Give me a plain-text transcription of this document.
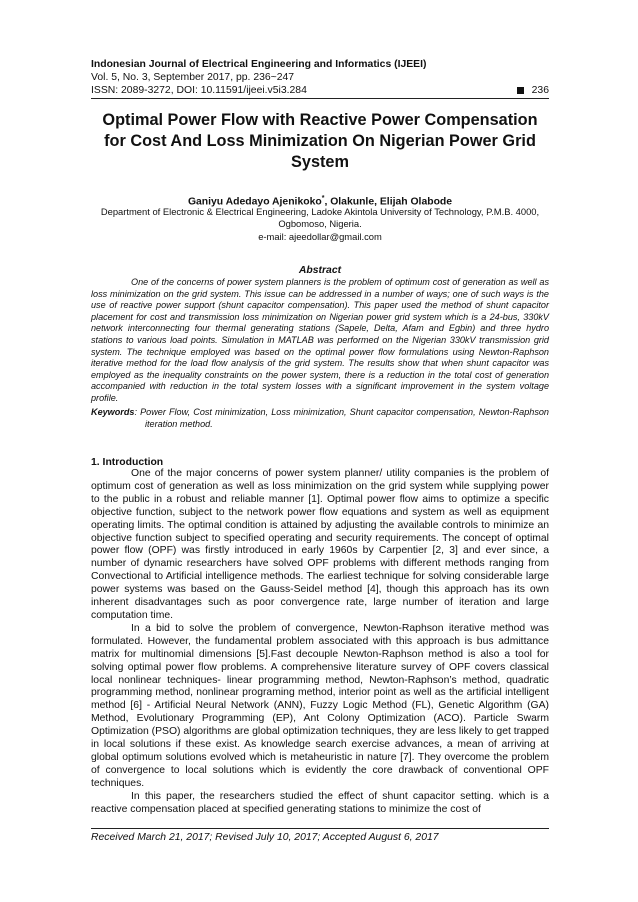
Indonesian Journal of Electrical Engineering and Informatics (IJEEI)
Vol. 5, No. 3, September 2017, pp. 236~247
ISSN: 2089-3272, DOI: 10.11591/ijeei.v5i3.284	236
Optimal Power Flow with Reactive Power Compensation for Cost And Loss Minimization On Nigerian Power Grid System
Ganiyu Adedayo Ajenikoko*, Olakunle, Elijah Olabode
Department of Electronic & Electrical Engineering, Ladoke Akintola University of Technology, P.M.B. 4000, Ogbomoso, Nigeria.
e-mail: ajeedollar@gmail.com
Abstract
One of the concerns of power system planners is the problem of optimum cost of generation as well as loss minimization on the grid system. This issue can be addressed in a number of ways; one of such ways is the use of reactive power support (shunt capacitor compensation). This paper used the method of shunt capacitor placement for cost and transmission loss minimization on Nigerian power grid system which is a 24-bus, 330kV network interconnecting four thermal generating stations (Sapele, Delta, Afam and Egbin) and three hydro stations to various load points. Simulation in MATLAB was performed on the Nigerian 330kV transmission grid system. The technique employed was based on the optimal power flow formulations using Newton-Raphson iterative method for the load flow analysis of the grid system. The results show that when shunt capacitor was employed as the inequality constraints on the power system, there is a reduction in the total cost of generation accompanied with reduction in the total system losses with a significant improvement in the system voltage profile.
Keywords: Power Flow, Cost minimization, Loss minimization, Shunt capacitor compensation, Newton-Raphson iteration method.
1. Introduction

One of the major concerns of power system planner/ utility companies is the problem of optimum cost of generation as well as loss minimization on the grid system while supplying power to the public in a robust and reliable manner [1]. Optimal power flow aims to optimize a specific objective function, subject to the network power flow equations and system as well as equipment operating limits. The optimal condition is attained by adjusting the available controls to minimize an objective function subject to specified operating and security requirements. The concept of optimal power flow (OPF) was firstly introduced in early 1960s by Carpentier [2, 3] and ever since, a number of dynamic researchers have solved OPF problems with different methods ranging from Convectional to Artificial intelligence methods. The earliest technique for solving considerable large power systems was based on the Gauss-Seidel method [4], though this approach has its own inherent disadvantages such as poor convergence rate, large number of iteration and large computation time.

In a bid to solve the problem of convergence, Newton-Raphson iterative method was formulated. However, the fundamental problem associated with this approach is bus admittance matrix for multinomial dimensions [5].Fast decouple Newton-Raphson method is also a tool for solving optimal power flow problems. A comprehensive literature survey of OPF covers classical local nonlinear techniques- linear programming method, Newton-Raphson’s method, quadratic programming method, nonlinear programing method, interior point as well as the artificial intelligent method [6] - Artificial Neural Network (ANN), Fuzzy Logic Method (FL), Genetic Algorithm (GA) Method, Evolutionary Programming (EP), Ant Colony Optimization (ACO). Particle Swarm Optimization (PSO) algorithms are global optimization techniques, they are less likely to get trapped in local solutions if these exist. As knowledge search exercise advances, a mean of arriving at global optimum solutions evolved which is metaheuristic in nature [7]. They overcome the problem of convergence to local solutions which is evidently the core drawback of conventional OPF techniques.

In this paper, the researchers studied the effect of shunt capacitor setting. which is a reactive compensation placed at specified generating stations to minimize the cost of

Received March 21, 2017; Revised July 10, 2017; Accepted August 6, 2017
